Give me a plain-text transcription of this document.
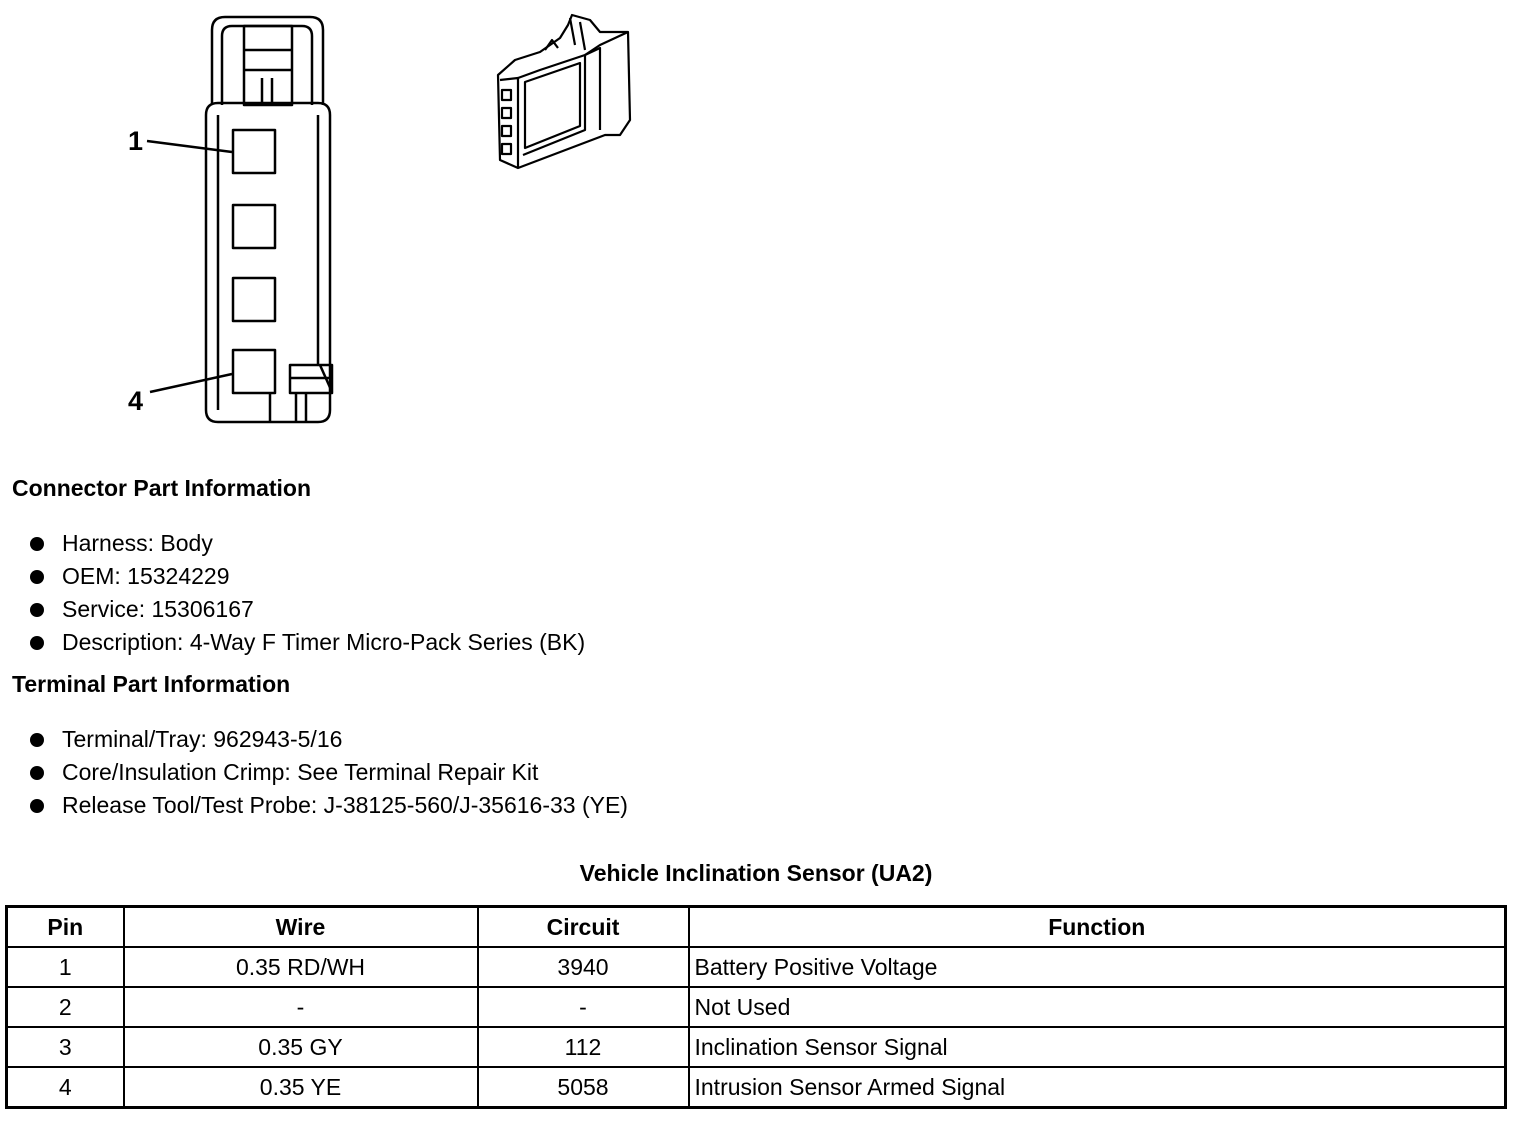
1
4
Connector Part Information
Harness: Body
OEM: 15324229
Service: 15306167
Description: 4-Way F Timer Micro-Pack Series (BK)
Terminal Part Information
Terminal/Tray: 962943-5/16
Core/Insulation Crimp: See Terminal Repair Kit
Release Tool/Test Probe: J-38125-560/J-35616-33 (YE)
Vehicle Inclination Sensor (UA2)
Pin	Wire	Circuit	Function
1	0.35 RD/WH	3940	Battery Positive Voltage
2	-	-	Not Used
3	0.35 GY	112	Inclination Sensor Signal
4	0.35 YE	5058	Intrusion Sensor Armed Signal
